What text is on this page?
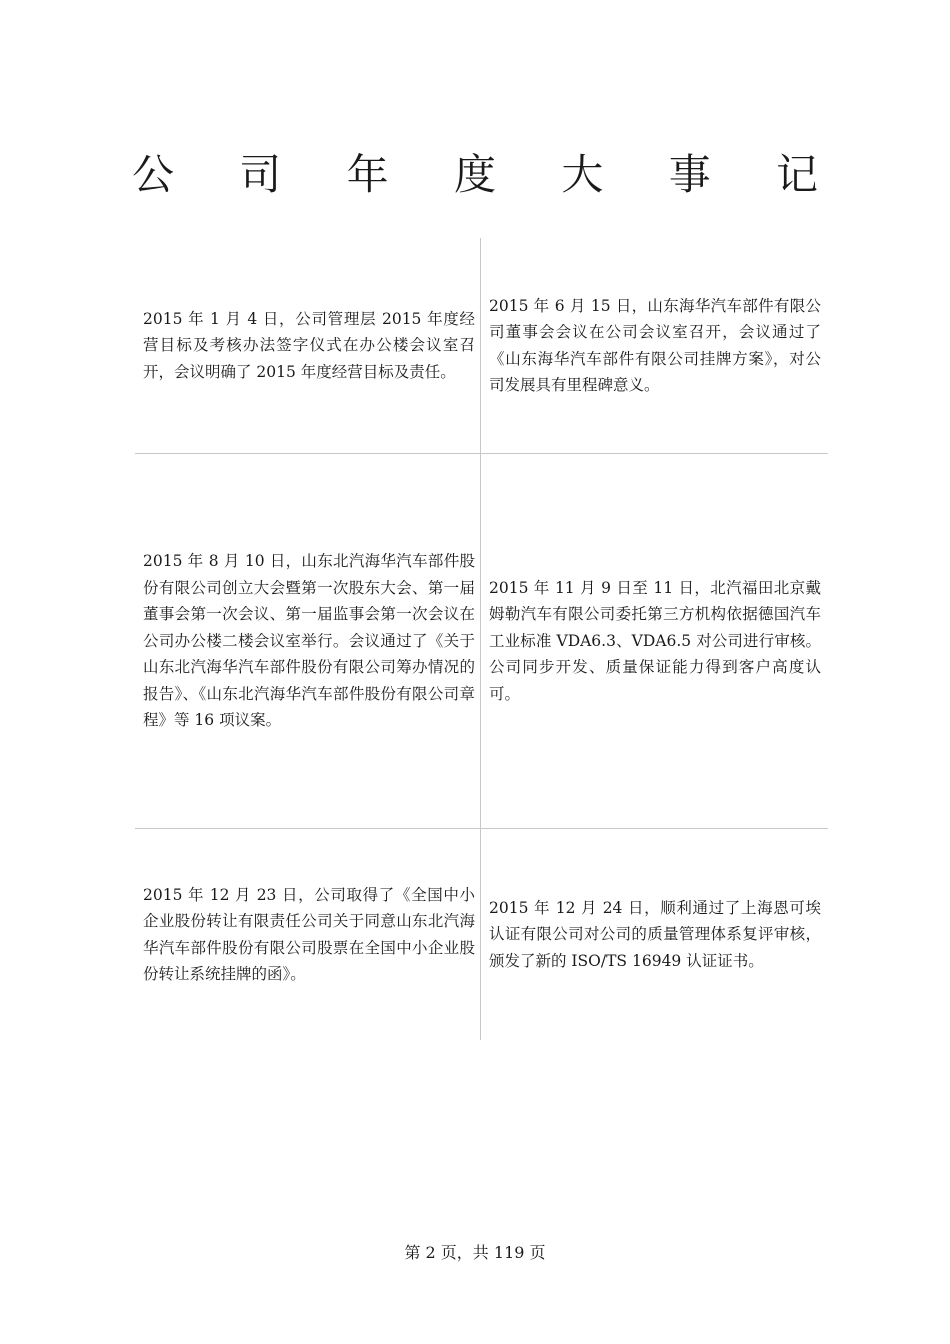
公 司 年 度 大 事 记

2015 年 1 月 4 日，公司管理层 2015 年度经营目标及考核办法签字仪式在办公楼会议室召开，会议明确了 2015 年度经营目标及责任。

2015 年 6 月 15 日，山东海华汽车部件有限公司董事会会议在公司会议室召开，会议通过了《山东海华汽车部件有限公司挂牌方案》，对公司发展具有里程碑意义。

2015 年 8 月 10 日，山东北汽海华汽车部件股份有限公司创立大会暨第一次股东大会、第一届董事会第一次会议、第一届监事会第一次会议在公司办公楼二楼会议室举行。会议通过了《关于山东北汽海华汽车部件股份有限公司筹办情况的报告》、《山东北汽海华汽车部件股份有限公司章程》等 16 项议案。

2015 年 11 月 9 日至 11 日，北汽福田北京戴姆勒汽车有限公司委托第三方机构依据德国汽车工业标准 VDA6.3、VDA6.5 对公司进行审核。公司同步开发、质量保证能力得到客户高度认可。

2015 年 12 月 23 日，公司取得了《全国中小企业股份转让有限责任公司关于同意山东北汽海华汽车部件股份有限公司股票在全国中小企业股份转让系统挂牌的函》。

2015 年 12 月 24 日，顺利通过了上海恩可埃认证有限公司对公司的质量管理体系复评审核，颁发了新的 ISO/TS 16949 认证证书。

第 2 页，共 119 页
